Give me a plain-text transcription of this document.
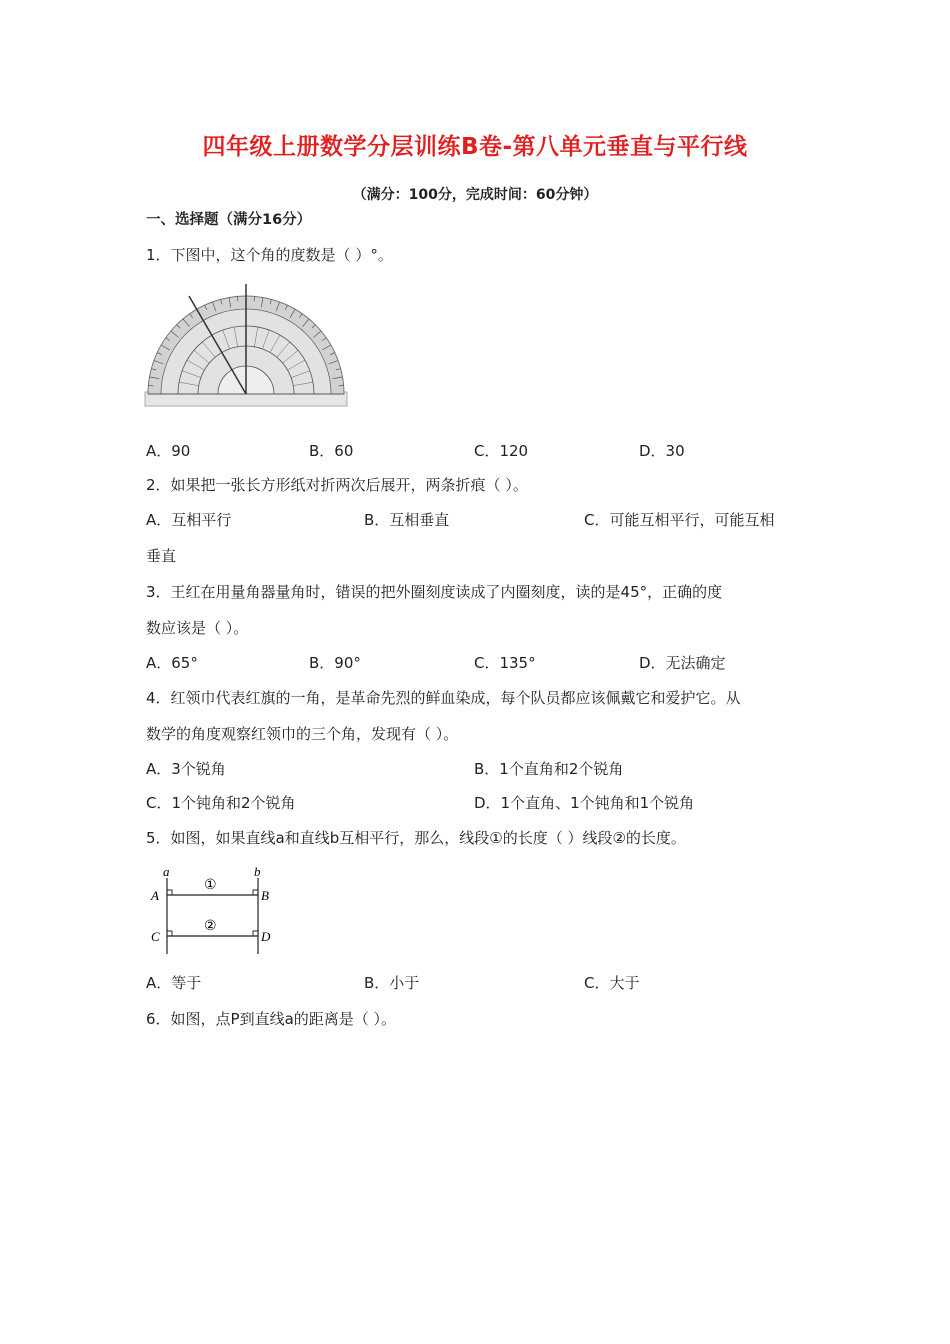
四年级上册数学分层训练B卷-第八单元垂直与平行线
（满分：100分，完成时间：60分钟）
一、选择题（满分16分）
1．下图中，这个角的度数是（ ）°。
A．90	B．60	C．120	D．30
2．如果把一张长方形纸对折两次后展开，两条折痕（ ）。
A．互相平行	B．互相垂直	C．可能互相平行，可能互相
垂直
3．王红在用量角器量角时，错误的把外圈刻度读成了内圈刻度，读的是45°，正确的度
数应该是（ ）。
A．65°	B．90°	C．135°	D．无法确定
4．红领巾代表红旗的一角，是革命先烈的鲜血染成，每个队员都应该佩戴它和爱护它。从
数学的角度观察红领巾的三个角，发现有（ ）。
A．3个锐角	B．1个直角和2个锐角
C．1个钝角和2个锐角	D．1个直角、1个钝角和1个锐角
5．如图，如果直线a和直线b互相平行，那么，线段①的长度（ ）线段②的长度。
a	b
A	B
C	D
①
②
A．等于	B．小于	C．大于
6．如图，点P到直线a的距离是（ ）。
